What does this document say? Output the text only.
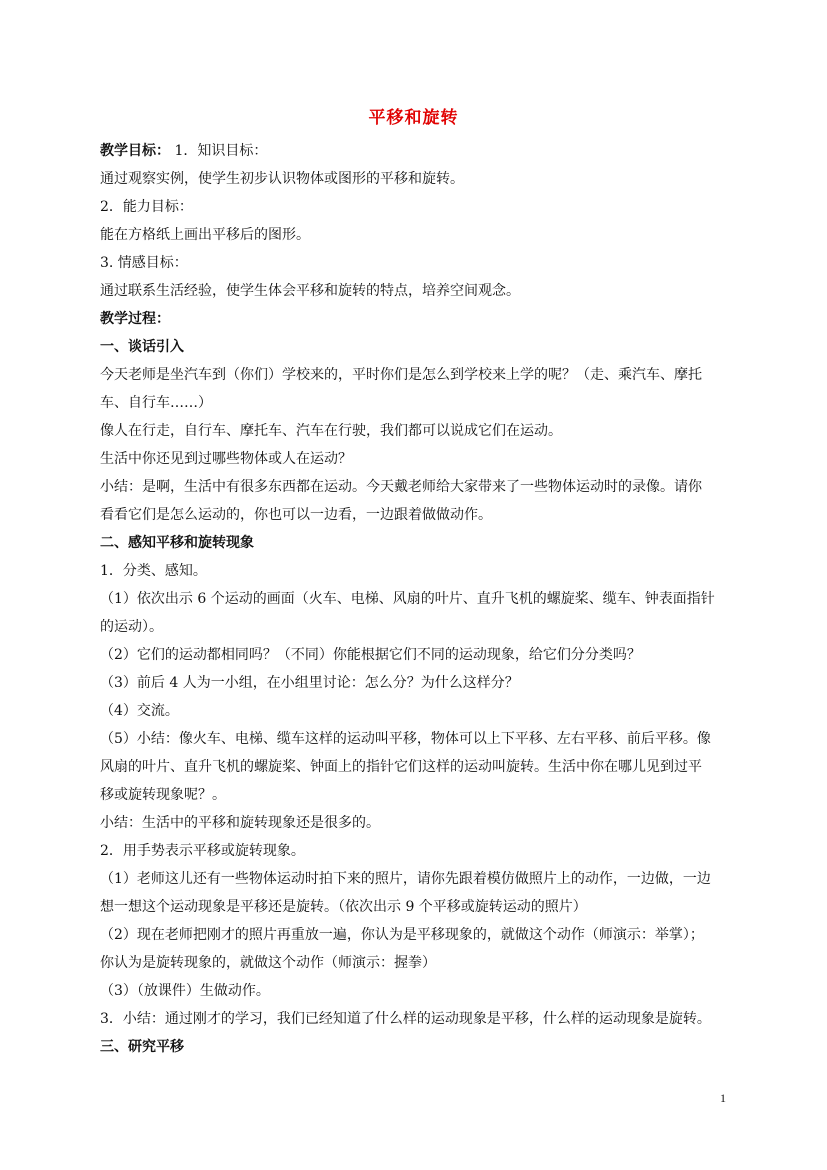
平移和旋转
教学目标： 1．知识目标：
通过观察实例，使学生初步认识物体或图形的平移和旋转。
2．能力目标：
能在方格纸上画出平移后的图形。
3. 情感目标：
通过联系生活经验，使学生体会平移和旋转的特点，培养空间观念。
教学过程：
一、谈话引入
今天老师是坐汽车到（你们）学校来的，平时你们是怎么到学校来上学的呢？（走、乘汽车、摩托
车、自行车……）
像人在行走，自行车、摩托车、汽车在行驶，我们都可以说成它们在运动。
生活中你还见到过哪些物体或人在运动？
小结：是啊，生活中有很多东西都在运动。今天戴老师给大家带来了一些物体运动时的录像。请你
看看它们是怎么运动的，你也可以一边看，一边跟着做做动作。
二、感知平移和旋转现象
1．分类、感知。
（1）依次出示 6 个运动的画面（火车、电梯、风扇的叶片、直升飞机的螺旋桨、缆车、钟表面指针
的运动）。
（2）它们的运动都相同吗？（不同）你能根据它们不同的运动现象，给它们分分类吗？
（3）前后 4 人为一小组，在小组里讨论：怎么分？为什么这样分？
（4）交流。
（5）小结：像火车、电梯、缆车这样的运动叫平移，物体可以上下平移、左右平移、前后平移。像
风扇的叶片、直升飞机的螺旋桨、钟面上的指针它们这样的运动叫旋转。生活中你在哪儿见到过平
移或旋转现象呢？。
小结：生活中的平移和旋转现象还是很多的。
2．用手势表示平移或旋转现象。
（1）老师这儿还有一些物体运动时拍下来的照片，请你先跟着模仿做照片上的动作，一边做，一边
想一想这个运动现象是平移还是旋转。（依次出示 9 个平移或旋转运动的照片）
（2）现在老师把刚才的照片再重放一遍，你认为是平移现象的，就做这个动作（师演示：举掌）；
你认为是旋转现象的，就做这个动作（师演示：握拳）
（3）（放课件）生做动作。
3．小结：通过刚才的学习，我们已经知道了什么样的运动现象是平移，什么样的运动现象是旋转。
三、研究平移
1
